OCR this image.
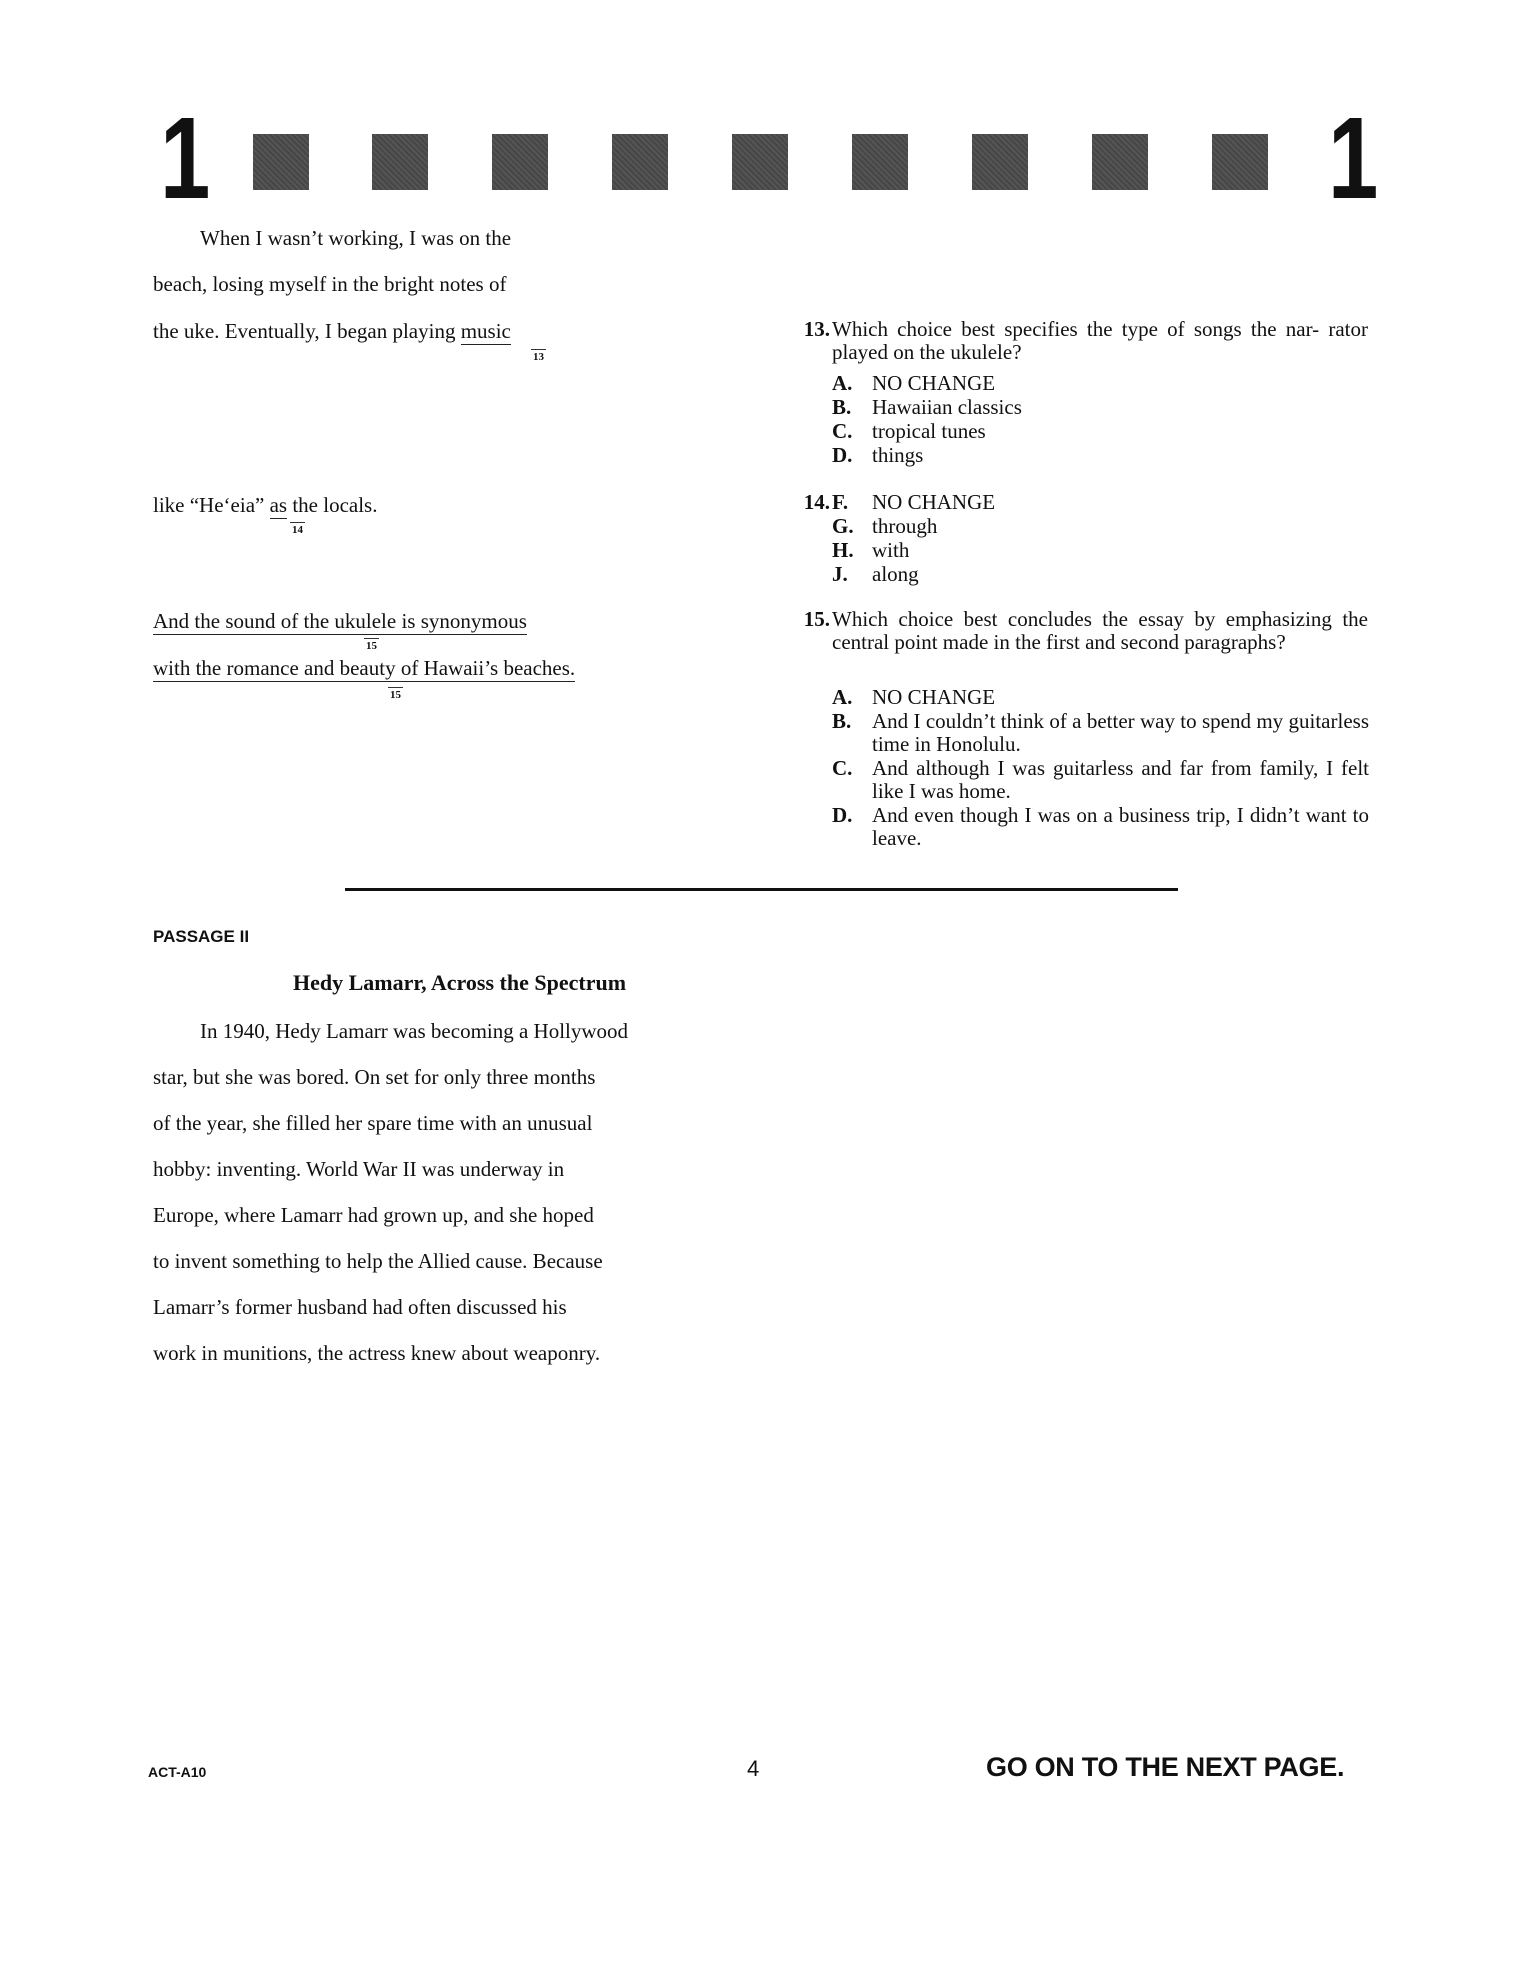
1	1
When I wasn’t working, I was on the
beach, losing myself in the bright notes of
the uke. Eventually, I began playing music
13
like “He‘eia” as the locals.
14
And the sound of the ukulele is synonymous
15
with the romance and beauty of Hawaii’s beaches.
15
13. Which choice best specifies the type of songs the nar- rator played on the ukulele?
A. NO CHANGE
B. Hawaiian classics
C. tropical tunes
D. things
14. F. NO CHANGE
G. through
H. with
J. along
15. Which choice best concludes the essay by emphasizing the central point made in the first and second paragraphs?
A. NO CHANGE
B. And I couldn’t think of a better way to spend my guitarless time in Honolulu.
C. And although I was guitarless and far from family, I felt like I was home.
D. And even though I was on a business trip, I didn’t want to leave.
PASSAGE II
Hedy Lamarr, Across the Spectrum
In 1940, Hedy Lamarr was becoming a Hollywood
star, but she was bored. On set for only three months
of the year, she filled her spare time with an unusual
hobby: inventing. World War II was underway in
Europe, where Lamarr had grown up, and she hoped
to invent something to help the Allied cause. Because
Lamarr’s former husband had often discussed his
work in munitions, the actress knew about weaponry.
ACT-A10	4	GO ON TO THE NEXT PAGE.
